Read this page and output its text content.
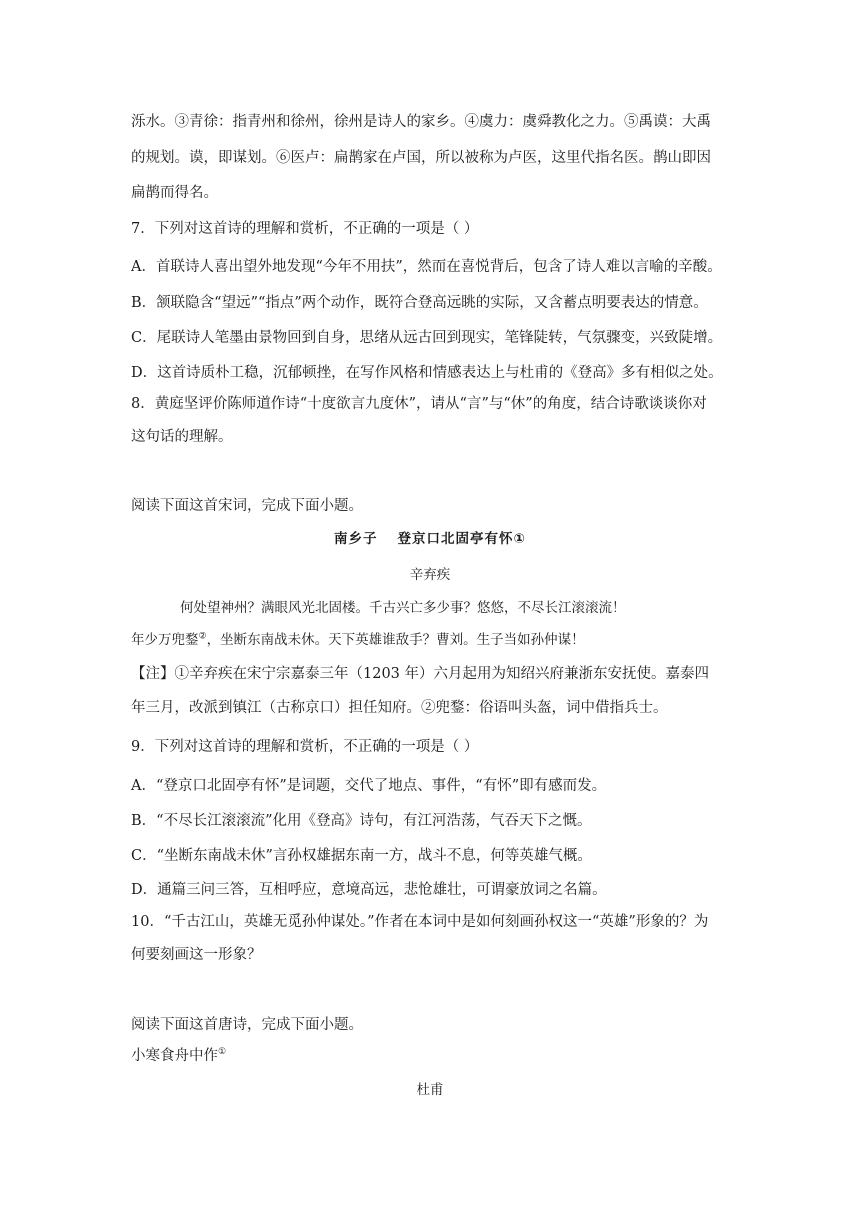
泺水。③青徐：指青州和徐州，徐州是诗人的家乡。④虞力：虞舜教化之力。⑤禹谟：大禹
的规划。谟，即谋划。⑥医卢：扁鹊家在卢国，所以被称为卢医，这里代指名医。鹊山即因
扁鹊而得名。
7．下列对这首诗的理解和赏析，不正确的一项是（ ）
A．首联诗人喜出望外地发现“今年不用扶”，然而在喜悦背后，包含了诗人难以言喻的辛酸。
B．颔联隐含“望远”“指点”两个动作，既符合登高远眺的实际，又含蓄点明要表达的情意。
C．尾联诗人笔墨由景物回到自身，思绪从远古回到现实，笔锋陡转，气氛骤变，兴致陡增。
D．这首诗质朴工稳，沉郁顿挫，在写作风格和情感表达上与杜甫的《登高》多有相似之处。
8．黄庭坚评价陈师道作诗“十度欲言九度休”，请从“言”与“休”的角度，结合诗歌谈谈你对
这句话的理解。
阅读下面这首宋词，完成下面小题。
南乡子 登京口北固亭有怀①
辛弃疾
何处望神州？满眼风光北固楼。千古兴亡多少事？悠悠，不尽长江滚滚流！
年少万兜鍪②，坐断东南战未休。天下英雄谁敌手？曹刘。生子当如孙仲谋！
【注】①辛弃疾在宋宁宗嘉泰三年（1203 年）六月起用为知绍兴府兼浙东安抚使。嘉泰四
年三月，改派到镇江（古称京口）担任知府。②兜鍪：俗语叫头盔，词中借指兵士。
9．下列对这首诗的理解和赏析，不正确的一项是（ ）
A．“登京口北固亭有怀”是词题，交代了地点、事件，“有怀”即有感而发。
B．“不尽长江滚滚流”化用《登高》诗句，有江河浩荡，气吞天下之慨。
C．“坐断东南战未休”言孙权雄据东南一方，战斗不息，何等英雄气概。
D．通篇三问三答，互相呼应，意境高远，悲怆雄壮，可谓豪放词之名篇。
10．“千古江山，英雄无觅孙仲谋处。”作者在本词中是如何刻画孙权这一“英雄”形象的？为
何要刻画这一形象？
阅读下面这首唐诗，完成下面小题。
小寒食舟中作①
杜甫
